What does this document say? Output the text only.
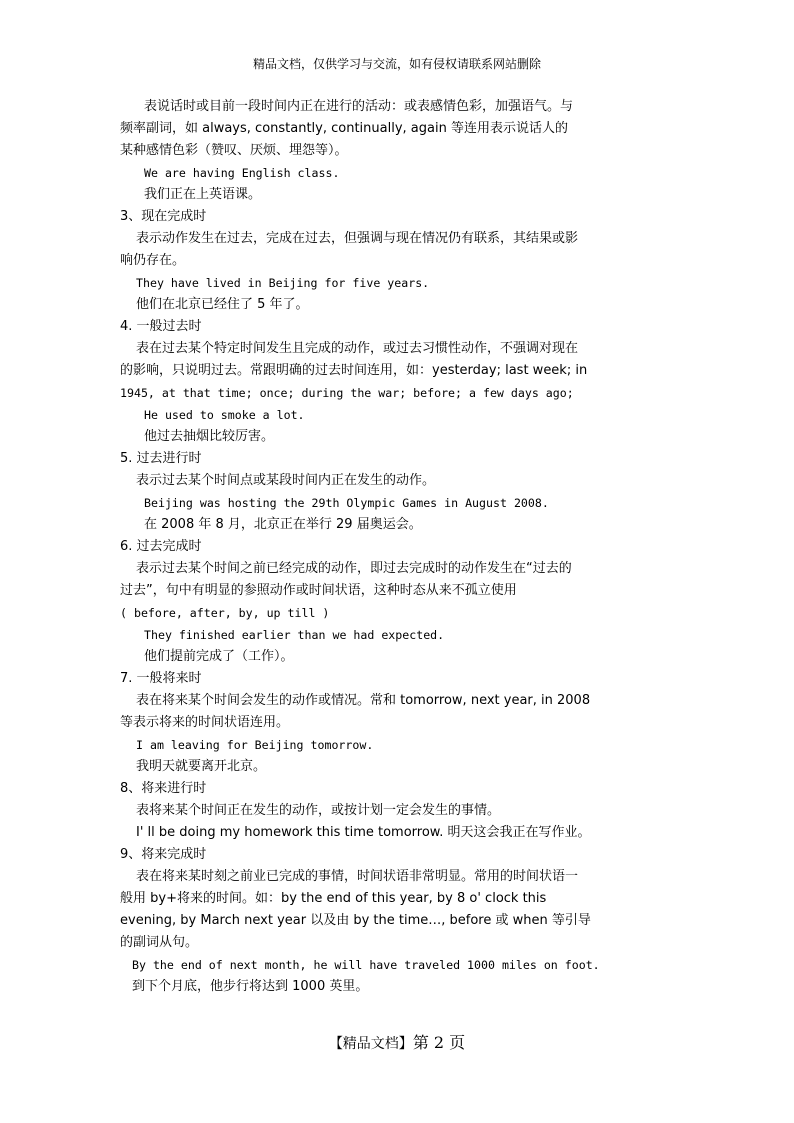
精品文档，仅供学习与交流，如有侵权请联系网站删除
表说话时或目前一段时间内正在进行的活动：或表感情色彩，加强语气。与
频率副词，如 always, constantly, continually, again 等连用表示说话人的
某种感情色彩（赞叹、厌烦、埋怨等）。
We are having English class.
我们正在上英语课。
3、现在完成时
表示动作发生在过去，完成在过去，但强调与现在情况仍有联系，其结果或影
响仍存在。
They have lived in Beijing for five years.
他们在北京已经住了 5 年了。
4. 一般过去时
表在过去某个特定时间发生且完成的动作，或过去习惯性动作，不强调对现在
的影响，只说明过去。常跟明确的过去时间连用，如：yesterday; last week; in
1945, at that time; once; during the war; before; a few days ago;
He used to smoke a lot.
他过去抽烟比较厉害。
5. 过去进行时
表示过去某个时间点或某段时间内正在发生的动作。
Beijing was hosting the 29th Olympic Games in August 2008.
在 2008 年 8 月，北京正在举行 29 届奥运会。
6. 过去完成时
表示过去某个时间之前已经完成的动作，即过去完成时的动作发生在“过去的
过去”，句中有明显的参照动作或时间状语，这种时态从来不孤立使用
( before, after, by, up till )
They finished earlier than we had expected.
他们提前完成了（工作）。
7. 一般将来时
表在将来某个时间会发生的动作或情况。常和 tomorrow, next year, in 2008
等表示将来的时间状语连用。
I am leaving for Beijing tomorrow.
我明天就要离开北京。
8、将来进行时
表将来某个时间正在发生的动作，或按计划一定会发生的事情。
I' ll be doing my homework this time tomorrow. 明天这会我正在写作业。
9、将来完成时
表在将来某时刻之前业已完成的事情，时间状语非常明显。常用的时间状语一
般用 by+将来的时间。如：by the end of this year, by 8 o' clock this
evening, by March next year 以及由 by the time…, before 或 when 等引导
的副词从句。
By the end of next month, he will have traveled 1000 miles on foot.
到下个月底，他步行将达到 1000 英里。
【精品文档】第 2 页
